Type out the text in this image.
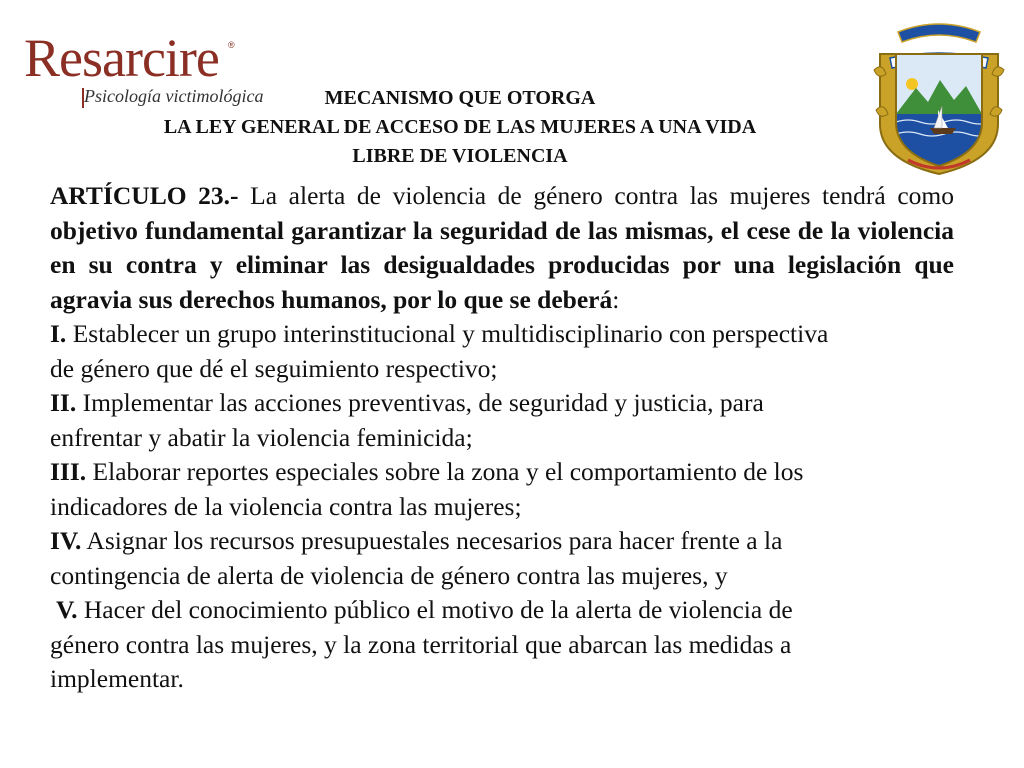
Resarcire ®
Psicología victimológica	MECANISMO QUE OTORGA
LA LEY GENERAL DE ACCESO DE LAS MUJERES A UNA VIDA
LIBRE DE VIOLENCIA

ARTÍCULO 23.- La alerta de violencia de género contra las mujeres tendrá como objetivo fundamental garantizar la seguridad de las mismas, el cese de la violencia en su contra y eliminar las desigualdades producidas por una legislación que agravia sus derechos humanos, por lo que se deberá:

I. Establecer un grupo interinstitucional y multidisciplinario con perspectiva
de género que dé el seguimiento respectivo;

II. Implementar las acciones preventivas, de seguridad y justicia, para
enfrentar y abatir la violencia feminicida;

III. Elaborar reportes especiales sobre la zona y el comportamiento de los
indicadores de la violencia contra las mujeres;

IV. Asignar los recursos presupuestales necesarios para hacer frente a la
contingencia de alerta de violencia de género contra las mujeres, y

V. Hacer del conocimiento público el motivo de la alerta de violencia de
género contra las mujeres, y la zona territorial que abarcan las medidas a
implementar.
